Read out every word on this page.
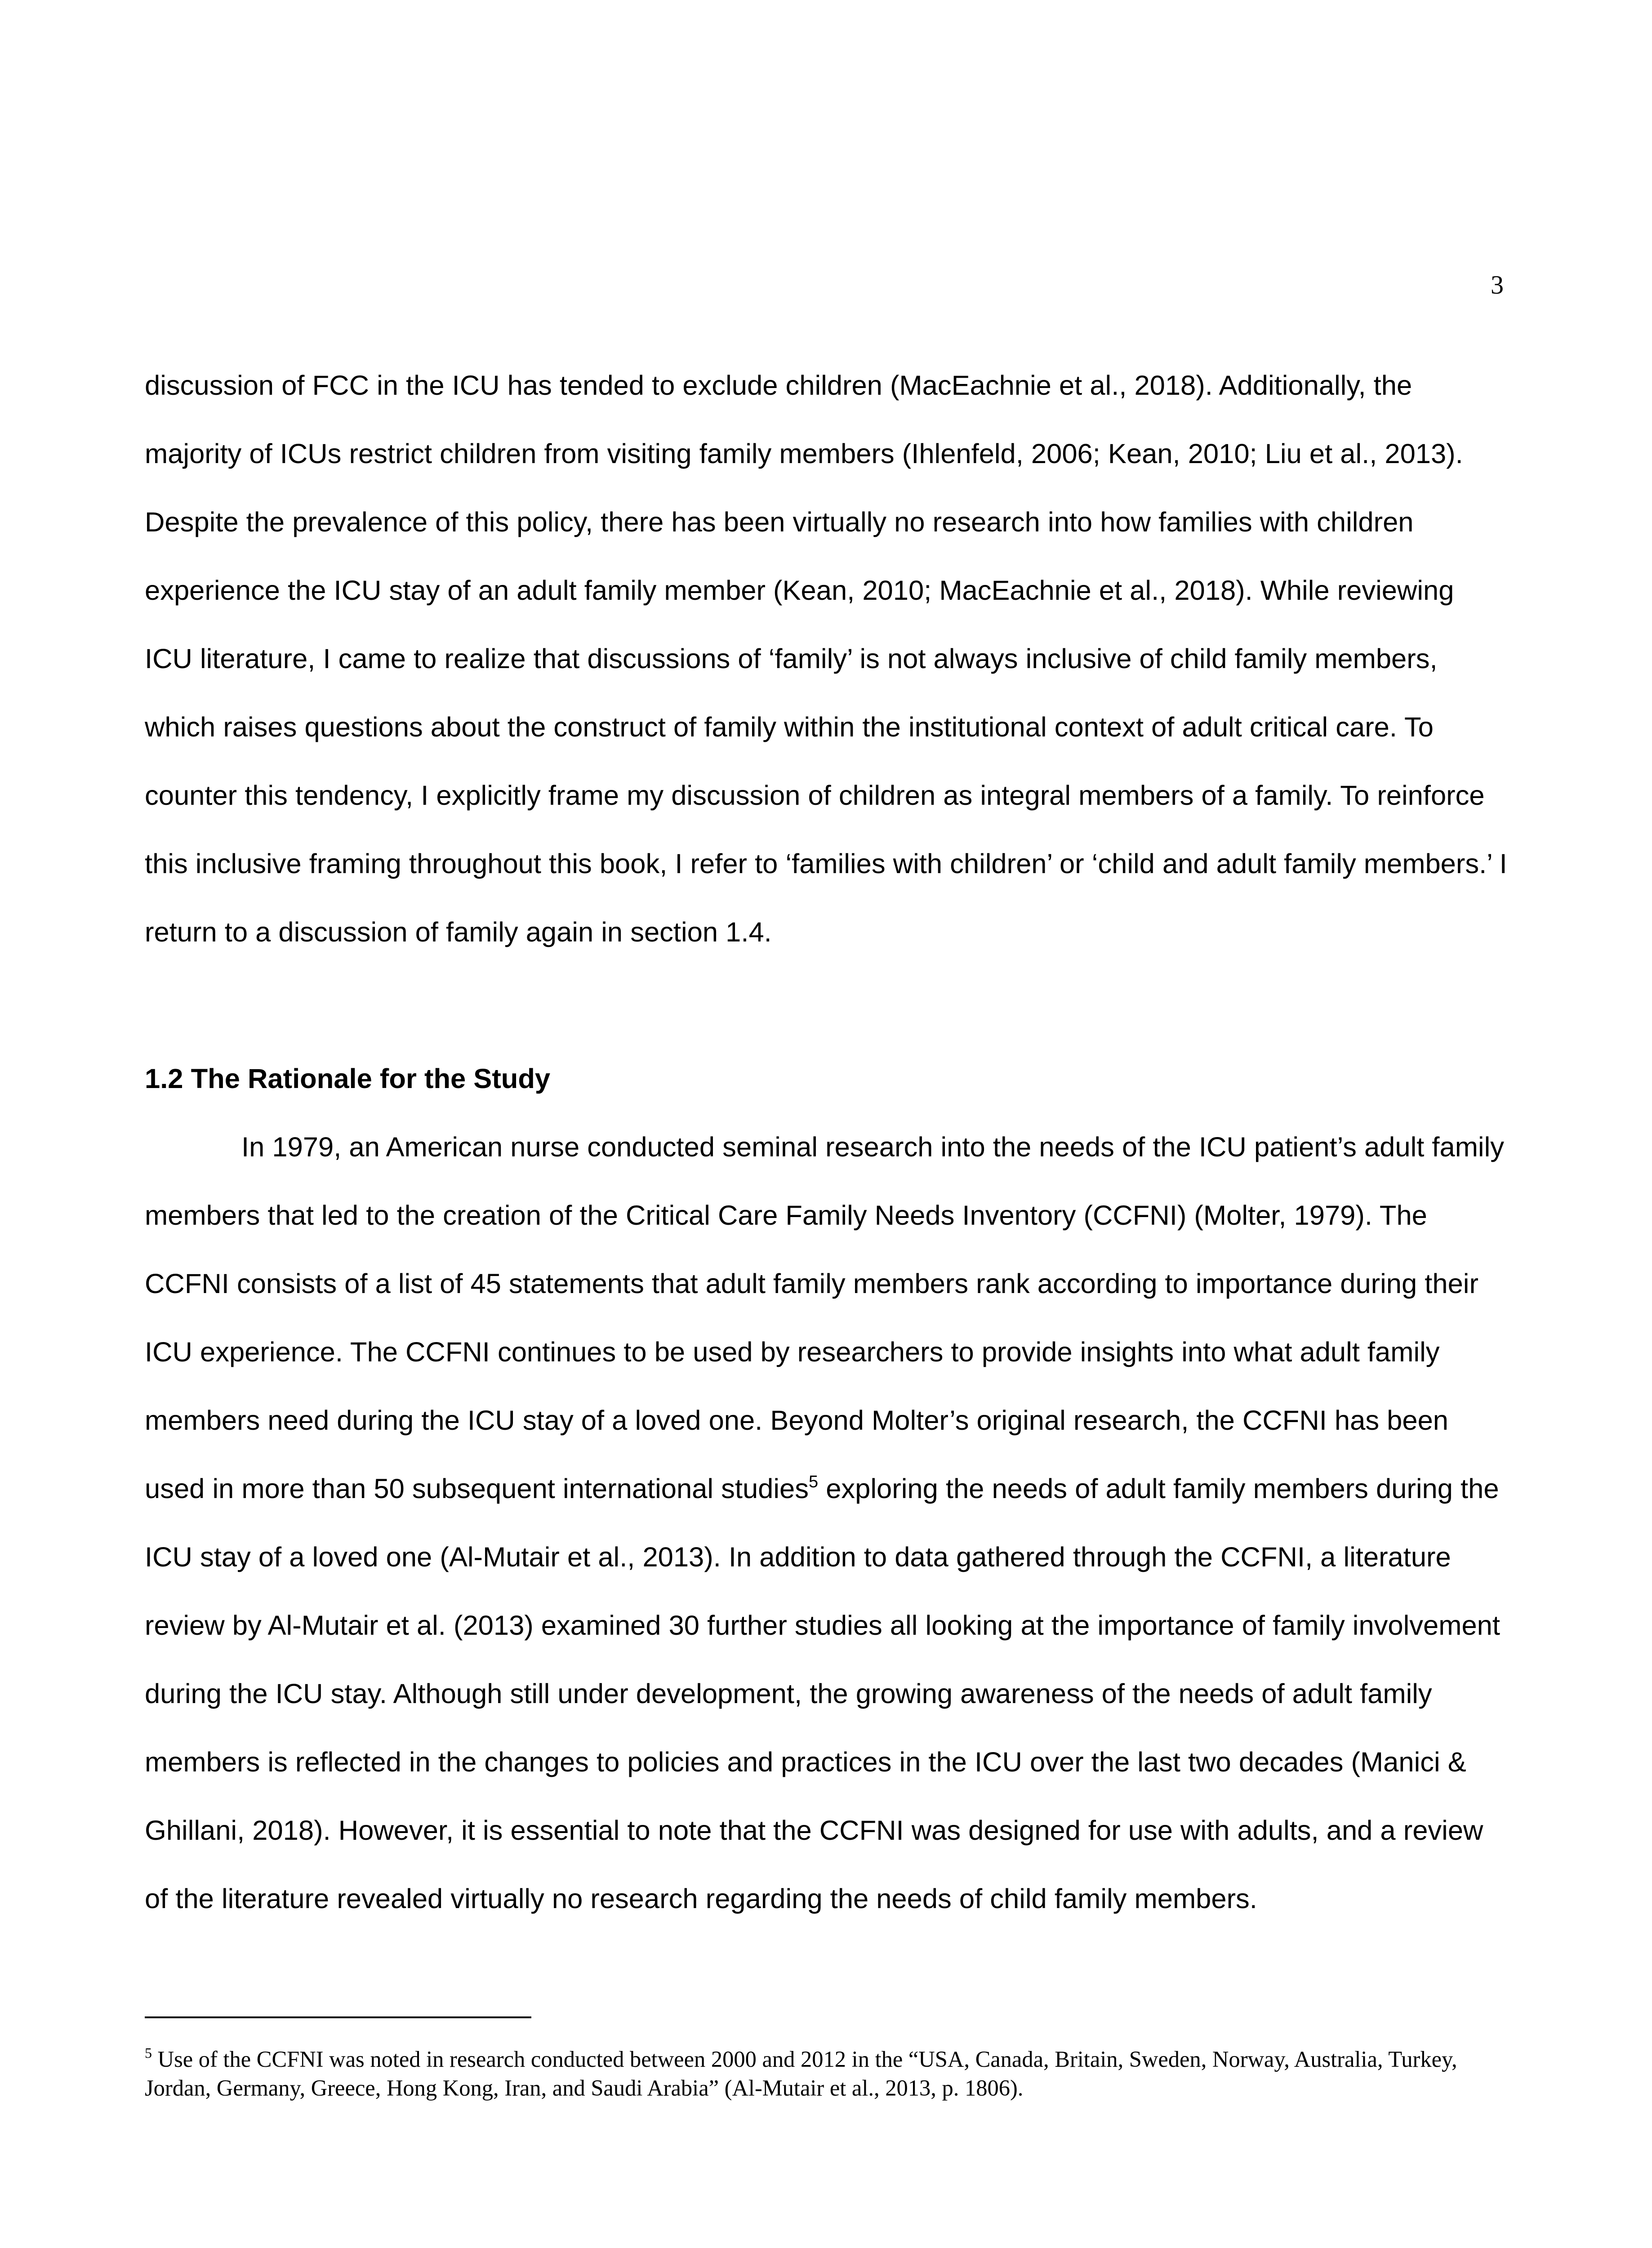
3

discussion of FCC in the ICU has tended to exclude children (MacEachnie et al., 2018). Additionally, the majority of ICUs restrict children from visiting family members (Ihlenfeld, 2006; Kean, 2010; Liu et al., 2013). Despite the prevalence of this policy, there has been virtually no research into how families with children experience the ICU stay of an adult family member (Kean, 2010; MacEachnie et al., 2018). While reviewing ICU literature, I came to realize that discussions of ‘family’ is not always inclusive of child family members, which raises questions about the construct of family within the institutional context of adult critical care. To counter this tendency, I explicitly frame my discussion of children as integral members of a family. To reinforce this inclusive framing throughout this book, I refer to ‘families with children’ or ‘child and adult family members.’ I return to a discussion of family again in section 1.4.

1.2 The Rationale for the Study

In 1979, an American nurse conducted seminal research into the needs of the ICU patient’s adult family members that led to the creation of the Critical Care Family Needs Inventory (CCFNI) (Molter, 1979). The CCFNI consists of a list of 45 statements that adult family members rank according to importance during their ICU experience. The CCFNI continues to be used by researchers to provide insights into what adult family members need during the ICU stay of a loved one. Beyond Molter’s original research, the CCFNI has been used in more than 50 subsequent international studies$^5$ exploring the needs of adult family members during the ICU stay of a loved one (Al-Mutair et al., 2013). In addition to data gathered through the CCFNI, a literature review by Al-Mutair et al. (2013) examined 30 further studies all looking at the importance of family involvement during the ICU stay. Although still under development, the growing awareness of the needs of adult family members is reflected in the changes to policies and practices in the ICU over the last two decades (Manici & Ghillani, 2018). However, it is essential to note that the CCFNI was designed for use with adults, and a review of the literature revealed virtually no research regarding the needs of child family members.

$^5$ Use of the CCFNI was noted in research conducted between 2000 and 2012 in the “USA, Canada, Britain, Sweden, Norway, Australia, Turkey, Jordan, Germany, Greece, Hong Kong, Iran, and Saudi Arabia” (Al-Mutair et al., 2013, p. 1806).
